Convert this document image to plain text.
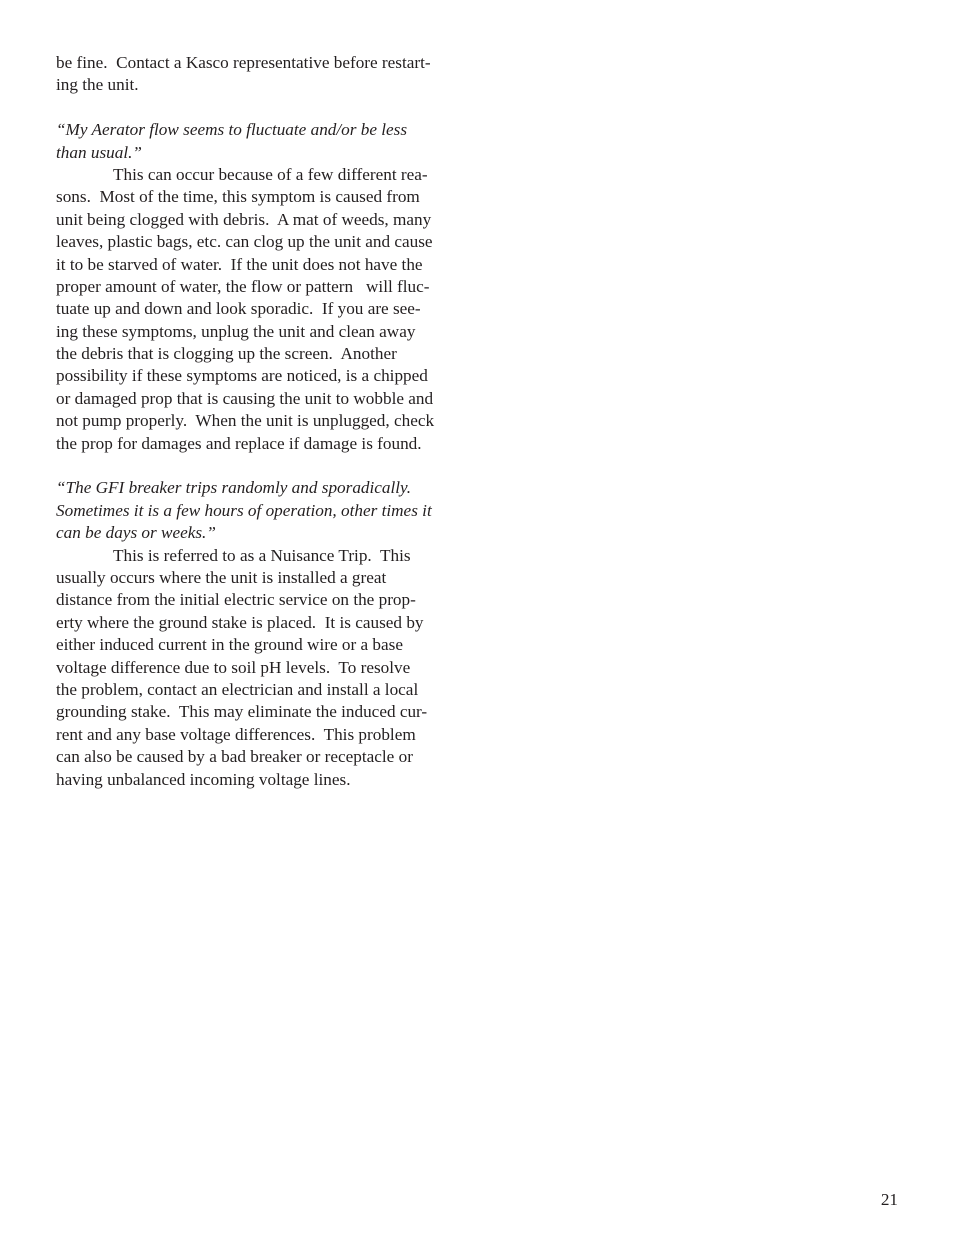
be fine.  Contact a Kasco representative before restart-
ing the unit.
“My Aerator flow seems to fluctuate and/or be less
than usual.”
This can occur because of a few different rea-
sons.  Most of the time, this symptom is caused from
unit being clogged with debris.  A mat of weeds, many
leaves, plastic bags, etc. can clog up the unit and cause
it to be starved of water.  If the unit does not have the
proper amount of water, the flow or pattern   will fluc-
tuate up and down and look sporadic.  If you are see-
ing these symptoms, unplug the unit and clean away
the debris that is clogging up the screen.  Another
possibility if these symptoms are noticed, is a chipped
or damaged prop that is causing the unit to wobble and
not pump properly.  When the unit is unplugged, check
the prop for damages and replace if damage is found.
“The GFI breaker trips randomly and sporadically.
Sometimes it is a few hours of operation, other times it
can be days or weeks.”
This is referred to as a Nuisance Trip.  This
usually occurs where the unit is installed a great
distance from the initial electric service on the prop-
erty where the ground stake is placed.  It is caused by
either induced current in the ground wire or a base
voltage difference due to soil pH levels.  To resolve
the problem, contact an electrician and install a local
grounding stake.  This may eliminate the induced cur-
rent and any base voltage differences.  This problem
can also be caused by a bad breaker or receptacle or
having unbalanced incoming voltage lines.
21
